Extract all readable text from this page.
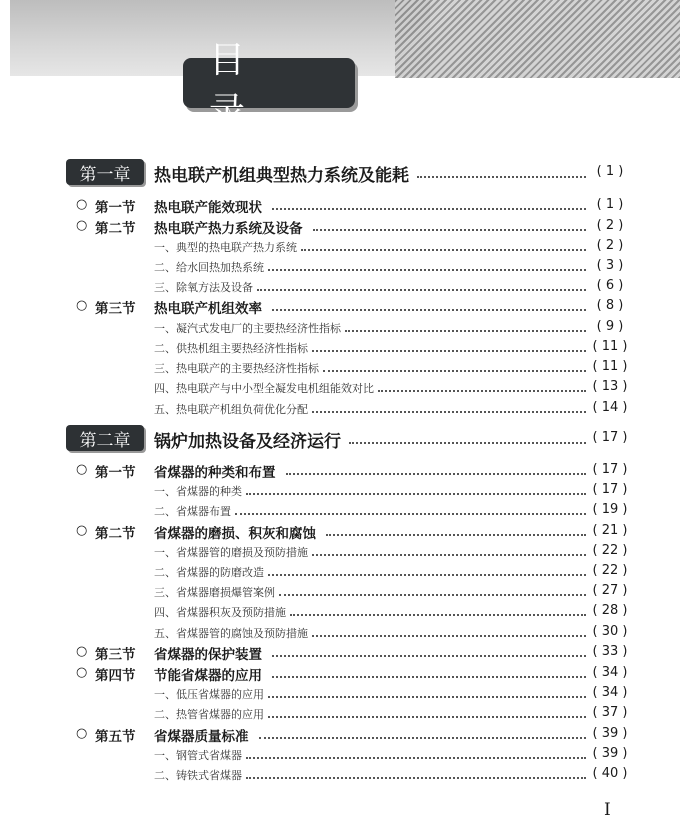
目　录
第一章	热电联产机组典型热力系统及能耗	( 1 )
○ 第一节 热电联产能效现状	( 1 )
○ 第二节 热电联产热力系统及设备	( 2 )
一、典型的热电联产热力系统	( 2 )
二、给水回热加热系统	( 3 )
三、除氧方法及设备	( 6 )
○ 第三节 热电联产机组效率	( 8 )
一、凝汽式发电厂的主要热经济性指标	( 9 )
二、供热机组主要热经济性指标	( 11 )
三、热电联产的主要热经济性指标	( 11 )
四、热电联产与中小型全凝发电机组能效对比	( 13 )
五、热电联产机组负荷优化分配	( 14 )
第二章	锅炉加热设备及经济运行	( 17 )
○ 第一节 省煤器的种类和布置	( 17 )
一、省煤器的种类	( 17 )
二、省煤器布置	( 19 )
○ 第二节 省煤器的磨损、积灰和腐蚀	( 21 )
一、省煤器管的磨损及预防措施	( 22 )
二、省煤器的防磨改造	( 22 )
三、省煤器磨损爆管案例	( 27 )
四、省煤器积灰及预防措施	( 28 )
五、省煤器管的腐蚀及预防措施	( 30 )
○ 第三节 省煤器的保护装置	( 33 )
○ 第四节 节能省煤器的应用	( 34 )
一、低压省煤器的应用	( 34 )
二、热管省煤器的应用	( 37 )
○ 第五节 省煤器质量标准	( 39 )
一、钢管式省煤器	( 39 )
二、铸铁式省煤器	( 40 )
I
